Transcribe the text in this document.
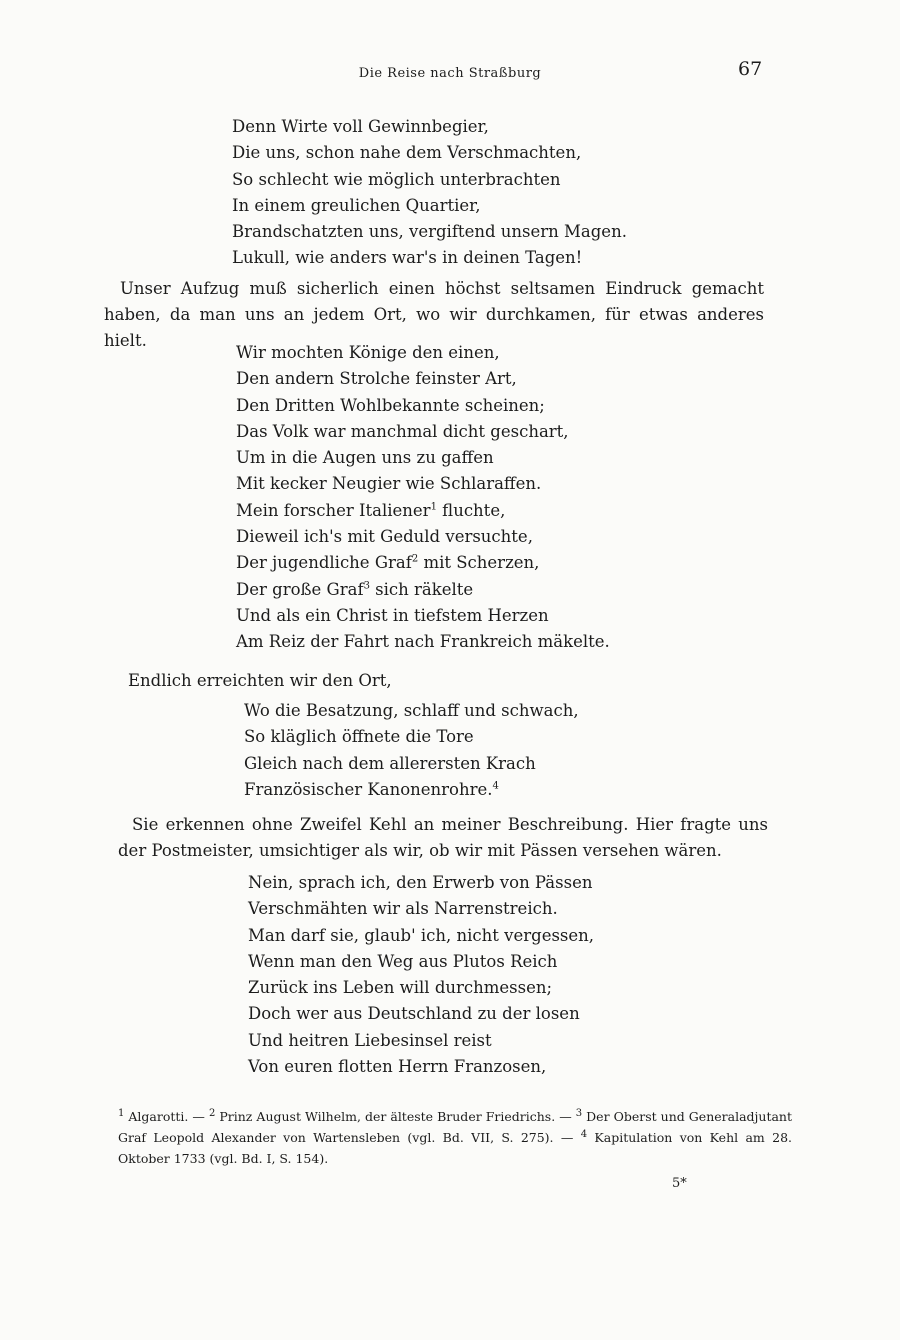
Die Reise nach Straßburg	67
Denn Wirte voll Gewinnbegier,
Die uns, schon nahe dem Verschmachten,
So schlecht wie möglich unterbrachten
In einem greulichen Quartier,
Brandschatzten uns, vergiftend unsern Magen.
Lukull, wie anders war's in deinen Tagen!

Unser Aufzug muß sicherlich einen höchst seltsamen Eindruck gemacht haben, da man uns an jedem Ort, wo wir durchkamen, für etwas anderes hielt.

Wir mochten Könige den einen,
Den andern Strolche feinster Art,
Den Dritten Wohlbekannte scheinen;
Das Volk war manchmal dicht geschart,
Um in die Augen uns zu gaffen
Mit kecker Neugier wie Schlaraffen.
Mein forscher Italiener$^1$ fluchte,
Dieweil ich's mit Geduld versuchte,
Der jugendliche Graf$^2$ mit Scherzen,
Der große Graf$^3$ sich räkelte
Und als ein Christ in tiefstem Herzen
Am Reiz der Fahrt nach Frankreich mäkelte.

Endlich erreichten wir den Ort,

Wo die Besatzung, schlaff und schwach,
So kläglich öffnete die Tore
Gleich nach dem allerersten Krach
Französischer Kanonenrohre.$^4$

Sie erkennen ohne Zweifel Kehl an meiner Beschreibung. Hier fragte uns der Postmeister, umsichtiger als wir, ob wir mit Pässen versehen wären.

Nein, sprach ich, den Erwerb von Pässen
Verschmähten wir als Narrenstreich.
Man darf sie, glaub' ich, nicht vergessen,
Wenn man den Weg aus Plutos Reich
Zurück ins Leben will durchmessen;
Doch wer aus Deutschland zu der losen
Und heitren Liebesinsel reist
Von euren flotten Herrn Franzosen,

$^1$ Algarotti. — $^2$ Prinz August Wilhelm, der älteste Bruder Friedrichs. — $^3$ Der Oberst und Generaladjutant Graf Leopold Alexander von Wartensleben (vgl. Bd. VII, S. 275). — $^4$ Kapitulation von Kehl am 28. Oktober 1733 (vgl. Bd. I, S. 154).

5*
